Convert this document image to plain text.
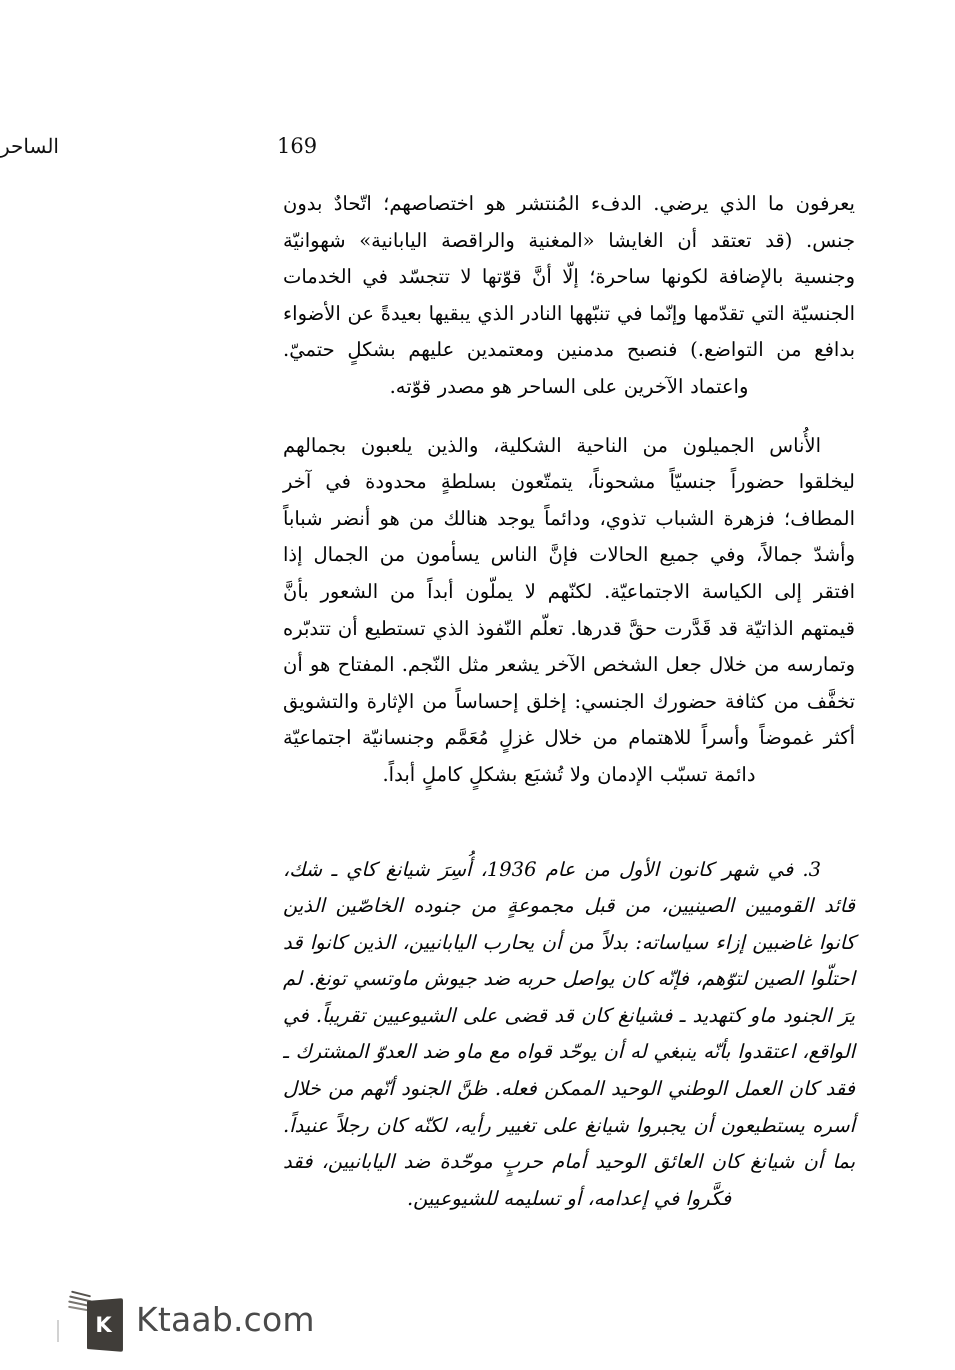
الساحر	169

يعرفون ما الذي يرضي. الدفء المُنتشر هو اختصاصهم؛ اتّحادٌ بدون جنس. (قد تعتقد أن الغايشا «المغنية والراقصة اليابانية» شهوانيّة وجنسية بالإضافة لكونها ساحرة؛ إلّا أنَّ قوّتها لا تتجسّد في الخدمات الجنسيّة التي تقدّمها وإنّما في تنبّهها النادر الذي يبقيها بعيدةً عن الأضواء بدافع من التواضع.) فنصبح مدمنين ومعتمدين عليهم بشكلٍ حتميّ. واعتماد الآخرين على الساحر هو مصدر قوّته.

الأُناس الجميلون من الناحية الشكلية، والذين يلعبون بجمالهم ليخلقوا حضوراً جنسيّاً مشحوناً، يتمتّعون بسلطةٍ محدودة في آخر المطاف؛ فزهرة الشباب تذوي، ودائماً يوجد هنالك من هو أنضر شباباً وأشدّ جمالاً، وفي جميع الحالات فإنَّ الناس يسأمون من الجمال إذا افتقر إلى الكياسة الاجتماعيّة. لكنّهم لا يملّون أبداً من الشعور بأنَّ قيمتهم الذاتيّة قد قَدَّرت حقَّ قدرها. تعلّم النّفوذ الذي تستطيع أن تتدبّره وتمارسه من خلال جعل الشخص الآخر يشعر مثل النّجم. المفتاح هو أن تخفَّف من كثافة حضورك الجنسي: إخلق إحساساً من الإثارة والتشويق أكثر غموضاً وأسراً للاهتمام من خلال غزلٍ مُعَمَّم وجنسانيّة اجتماعيّة دائمة تسبّب الإدمان ولا تُشبَع بشكلٍ كاملٍ أبداً.

3. في شهر كانون الأول من عام 1936، أُسِرَ شيانغ كاي ـ شك، قائد القوميين الصينيين، من قبل مجموعةٍ من جنوده الخاصّين الذين كانوا غاضبين إزاء سياساته: بدلاً من أن يحارب اليابانيين، الذين كانوا قد احتلّوا الصين لتوّهم، فإنّه كان يواصل حربه ضد جيوش ماوتسي تونغ. لم يرَ الجنود ماو كتهديد ـ فشيانغ كان قد قضى على الشيوعيين تقريباً. في الواقع، اعتقدوا بأنّه ينبغي له أن يوحّد قواه مع ماو ضد العدوّ المشترك ـ فقد كان العمل الوطني الوحيد الممكن فعله. ظنَّ الجنود أنّهم من خلال أسره يستطيعون أن يجبروا شيانغ على تغيير رأيه، لكنّه كان رجلاً عنيداً. بما أن شيانغ كان العائق الوحيد أمام حربٍ موحّدة ضد اليابانيين، فقد فكَّروا في إعدامه، أو تسليمه للشيوعيين.

K Ktaab.com
